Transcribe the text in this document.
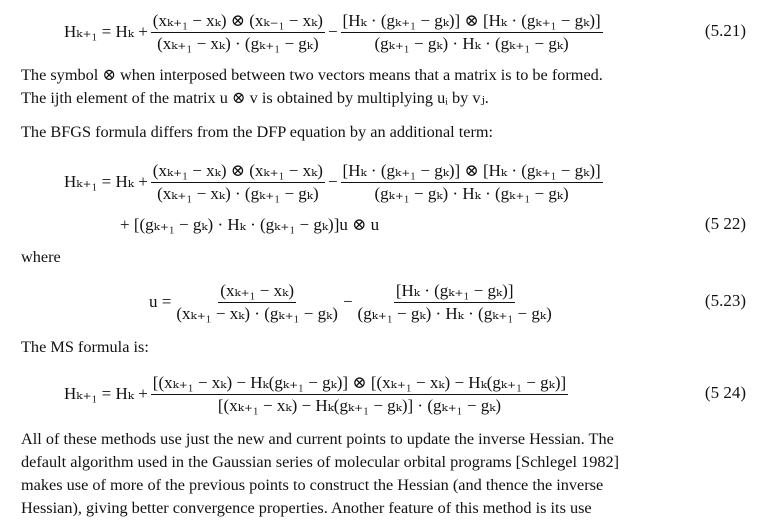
$H_{k+1} = H_k + \frac{\text{(xₖ₊₁ − xₖ) ⊗ (xₖ₋₁ − xₖ)}}{\text{(xₖ₊₁ − xₖ) · (gₖ₊₁ − gₖ)}} - \frac{\text{[Hₖ · (gₖ₊₁ − gₖ)] ⊗ [Hₖ · (gₖ₊₁ − gₖ)]}}{\text{(gₖ₊₁ − gₖ) · Hₖ · (gₖ₊₁ − gₖ)}}$	(5.21)

The symbol ⊗ when interposed between two vectors means that a matrix is to be formed.
The ijth element of the matrix u ⊗ v is obtained by multiplying uᵢ by vⱼ.

The BFGS formula differs from the DFP equation by an additional term:

$H_{k+1} = H_k + \frac{\text{(xₖ₊₁ − xₖ) ⊗ (xₖ₊₁ − xₖ)}}{\text{(xₖ₊₁ − xₖ) · (gₖ₊₁ − gₖ)}} - \frac{\text{[Hₖ · (gₖ₊₁ − gₖ)] ⊗ [Hₖ · (gₖ₊₁ − gₖ)]}}{\text{(gₖ₊₁ − gₖ) · Hₖ · (gₖ₊₁ − gₖ)}}$
+ [(gₖ₊₁ − gₖ) · Hₖ · (gₖ₊₁ − gₖ)]u ⊗ u	(5 22)

where

$u = \frac{\text{(xₖ₊₁ − xₖ)}}{\text{(xₖ₊₁ − xₖ) · (gₖ₊₁ − gₖ)}} - \frac{\text{[Hₖ · (gₖ₊₁ − gₖ)]}}{\text{(gₖ₊₁ − gₖ) · Hₖ · (gₖ₊₁ − gₖ)}}$	(5.23)

The MS formula is:

Hₖ₊₁ = Hₖ +
[(xₖ₊₁ − xₖ) − Hₖ(gₖ₊₁ − gₖ)] ⊗ [(xₖ₊₁ − xₖ) − Hₖ(gₖ₊₁ − gₖ)]
[(xₖ₊₁ − xₖ) − Hₖ(gₖ₊₁ − gₖ)] · (gₖ₊₁ − gₖ)
(5 24)

All of these methods use just the new and current points to update the inverse Hessian. The
default algorithm used in the Gaussian series of molecular orbital programs [Schlegel 1982]
makes use of more of the previous points to construct the Hessian (and thence the inverse
Hessian), giving better convergence properties. Another feature of this method is its use
